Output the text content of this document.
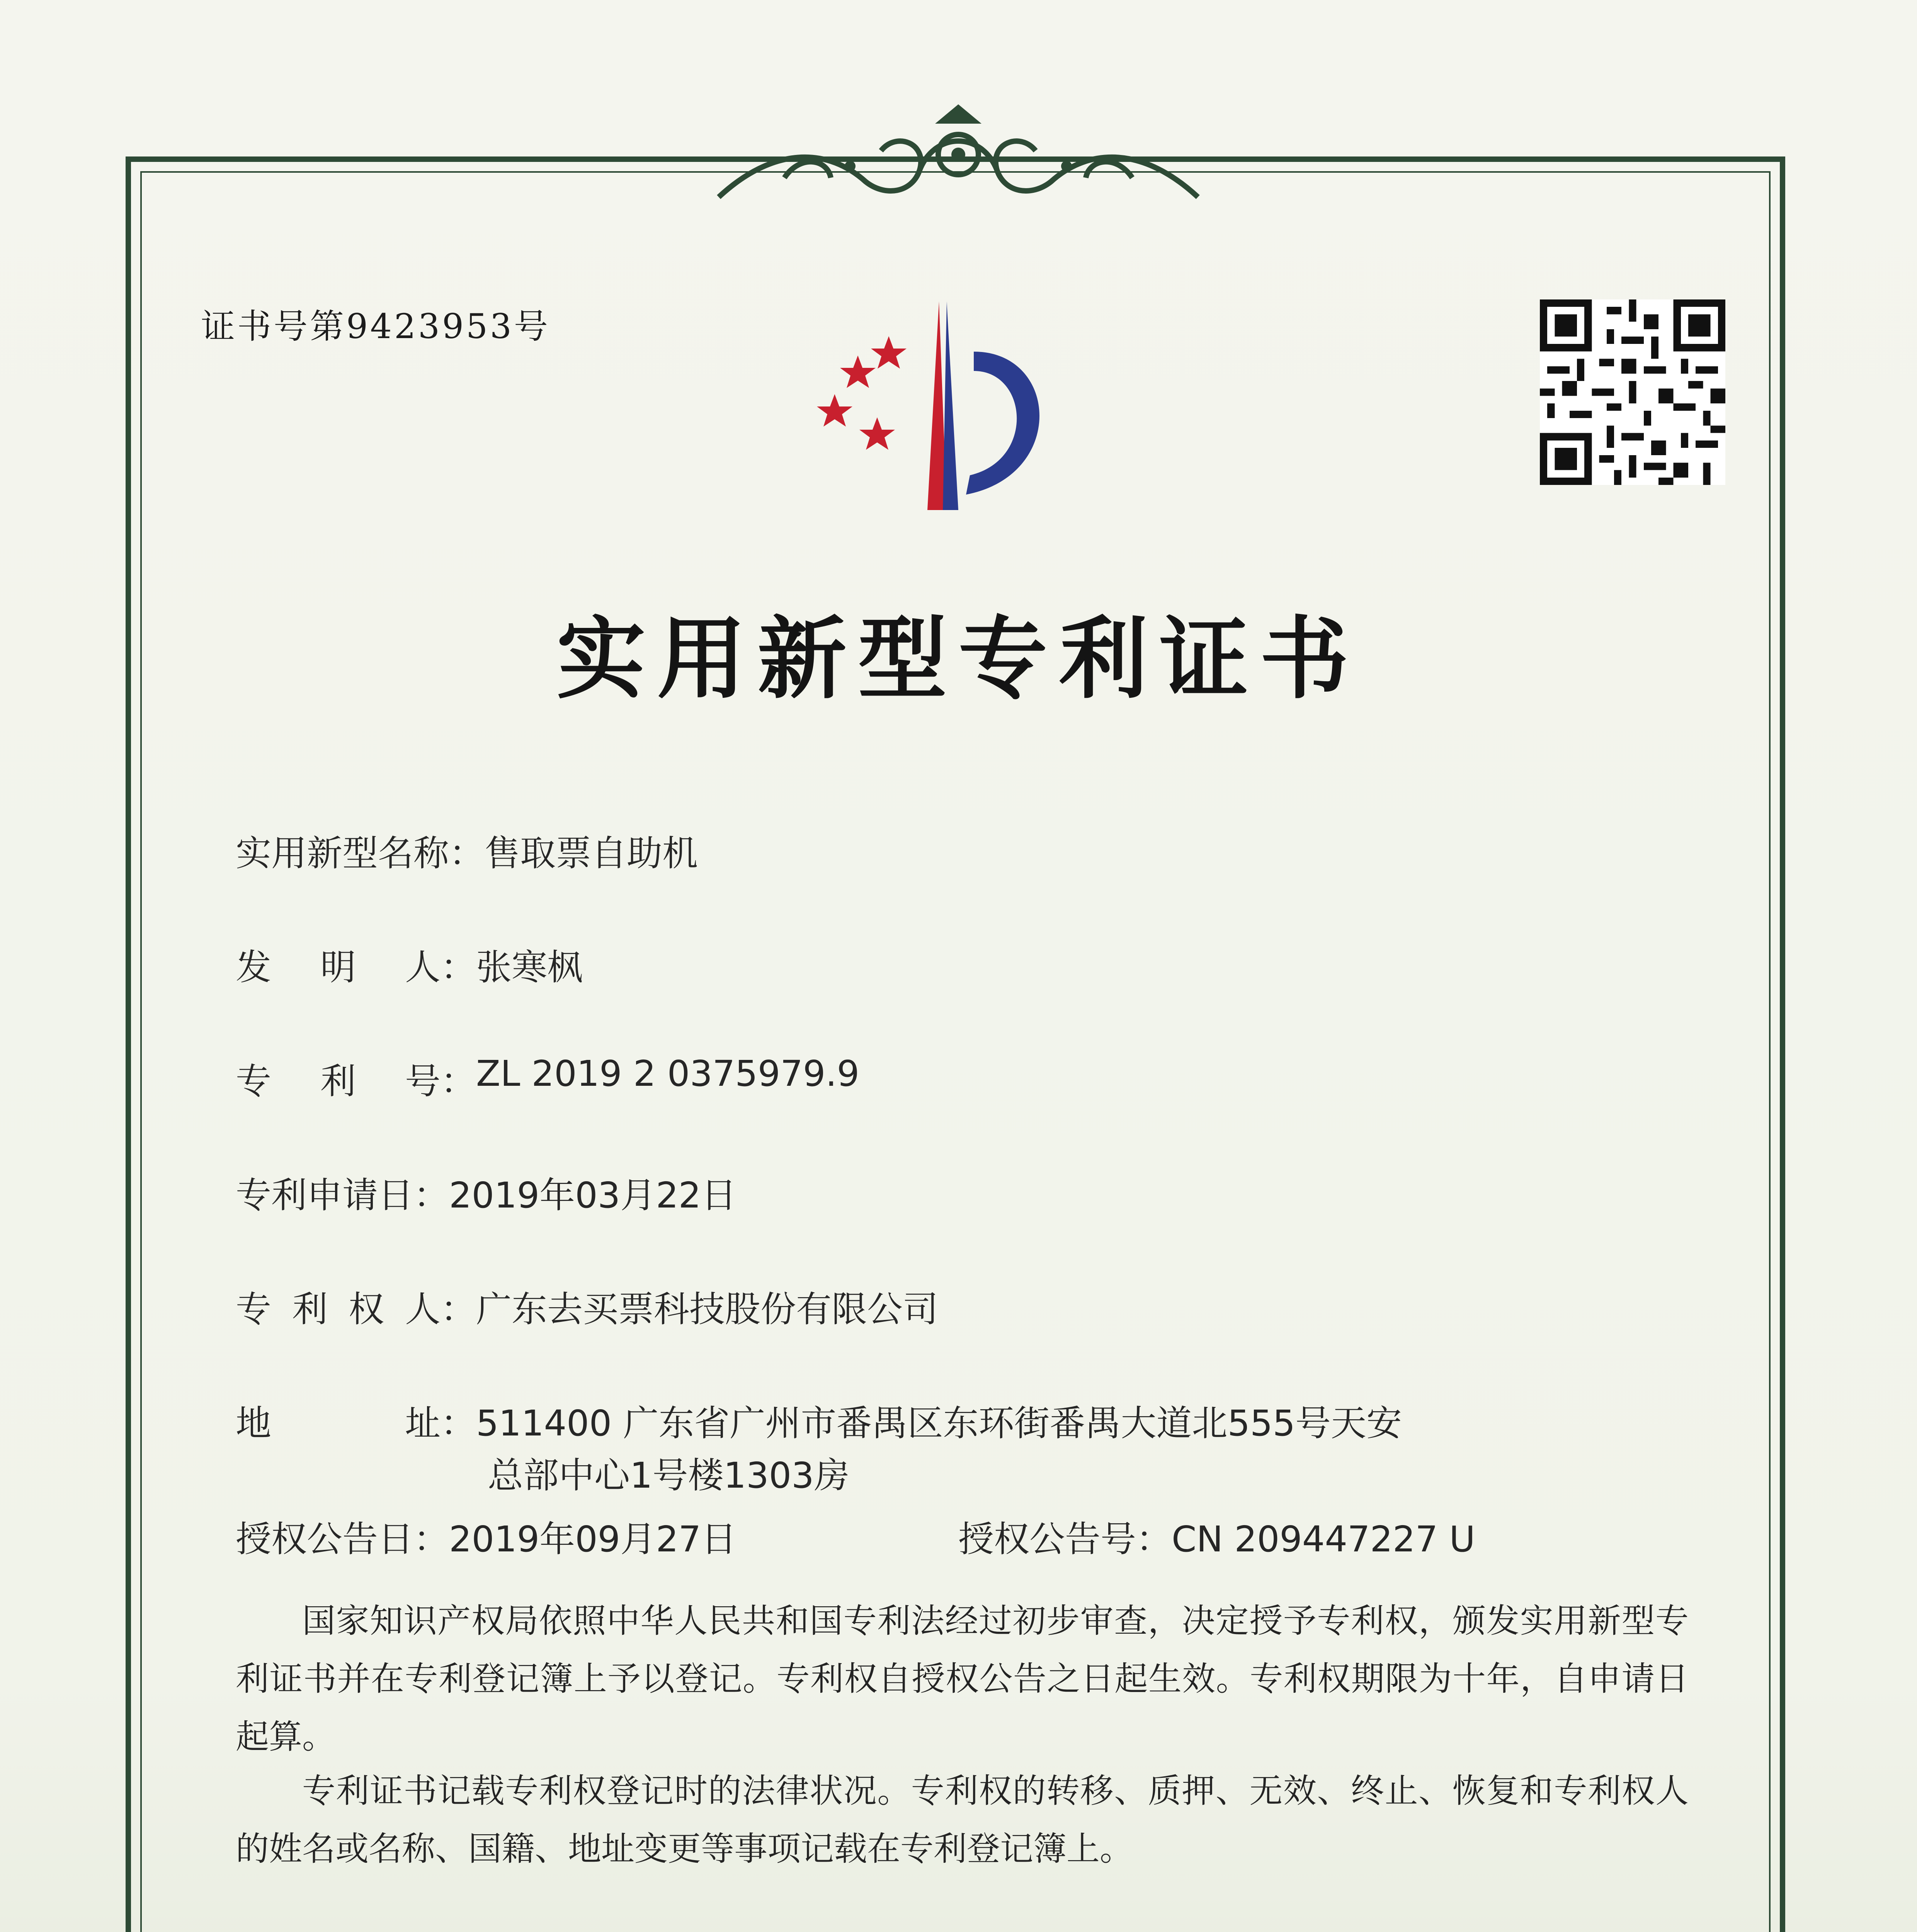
证书号第9423953号
实用新型专利证书
实用新型名称：售取票自助机
发 明 人 ： 张寒枫
专 利 号 ： ZL 2019 2 0375979.9
专利申请日：2019年03月22日
专 利 权 人 ： 广东去买票科技股份有限公司
地	址 ： 511400 广东省广州市番禺区东环街番禺大道北555号天安
总部中心1号楼1303房
授权公告日：2019年09月27日	授权公告号：CN 209447227 U
国家知识产权局依照中华人民共和国专利法经过初步审查，决定授予专利权，颁发实用新型专利证书并在专利登记簿上予以登记。专利权自授权公告之日起生效。专利权期限为十年，自申请日起算。
专利证书记载专利权登记时的法律状况。专利权的转移、质押、无效、终止、恢复和专利权人的姓名或名称、国籍、地址变更等事项记载在专利登记簿上。
